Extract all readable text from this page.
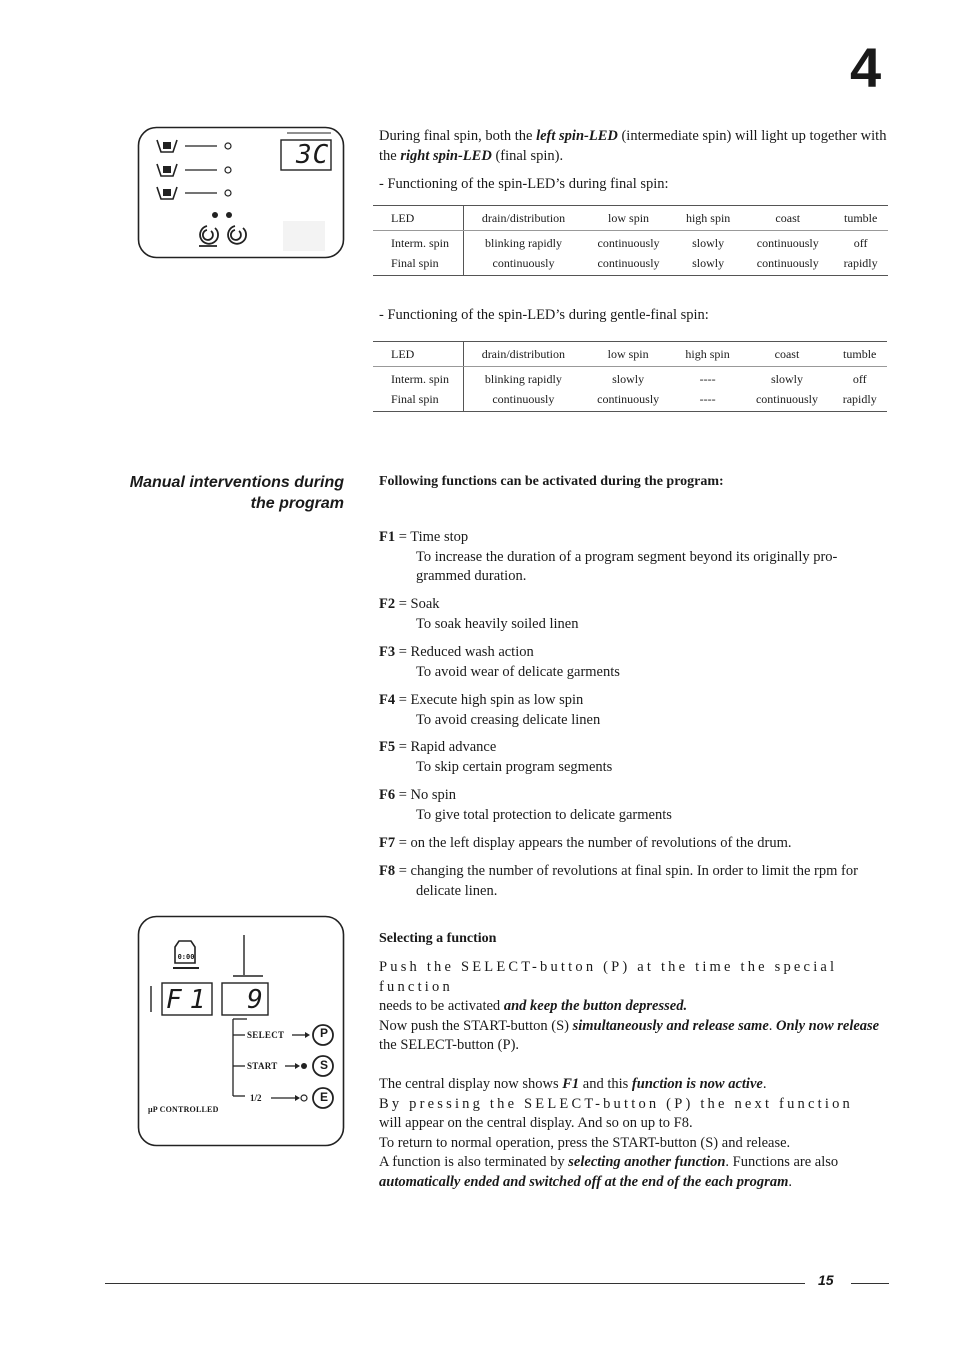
4
3C
During final spin, both the left spin-LED (intermediate spin) will light up together with the right spin-LED (final spin).
- Functioning of the spin-LED’s during final spin:
LED	drain/distribution	low spin	high spin	coast	tumble
Interm. spin	blinking rapidly	continuously	slowly	continuously	off
Final spin	continuously	continuously	slowly	continuously	rapidly
- Functioning of the spin-LED’s during gentle-final spin:
LED	drain/distribution	low spin	high spin	coast	tumble
Interm. spin	blinking rapidly	slowly	----	slowly	off
Final spin	continuously	continuously	----	continuously	rapidly
Manual interventions during
the program
Following functions can be activated during the program:
F1 = Time stop
To increase the duration of a program segment beyond its originally pro-grammed duration.
F2 = Soak
To soak heavily soiled linen
F3 = Reduced wash action
To avoid wear of delicate garments
F4 = Execute high spin as low spin
To avoid creasing delicate linen
F5 = Rapid advance
To skip certain program segments
F6 = No spin
To give total protection to delicate garments
F7 = on the left display appears the number of revolutions of the drum.
F8 = changing the number of revolutions at final spin. In order to limit the rpm for delicate linen.
0:00
F1 9
SELECT
START
1/2
P
S
E
µP CONTROLLED
Selecting a function
Push the SELECT-button (P) at the time the special function
needs to be activated and keep the button depressed.
Now push the START-button (S) simultaneously and release same. Only now release the SELECT-button (P).
The central display now shows F1 and this function is now active.
By pressing the SELECT-button (P) the next function
will appear on the central display. And so on up to F8.
To return to normal operation, press the START-button (S) and release.
A function is also terminated by selecting another function. Functions are also automatically ended and switched off at the end of the each program.
15
